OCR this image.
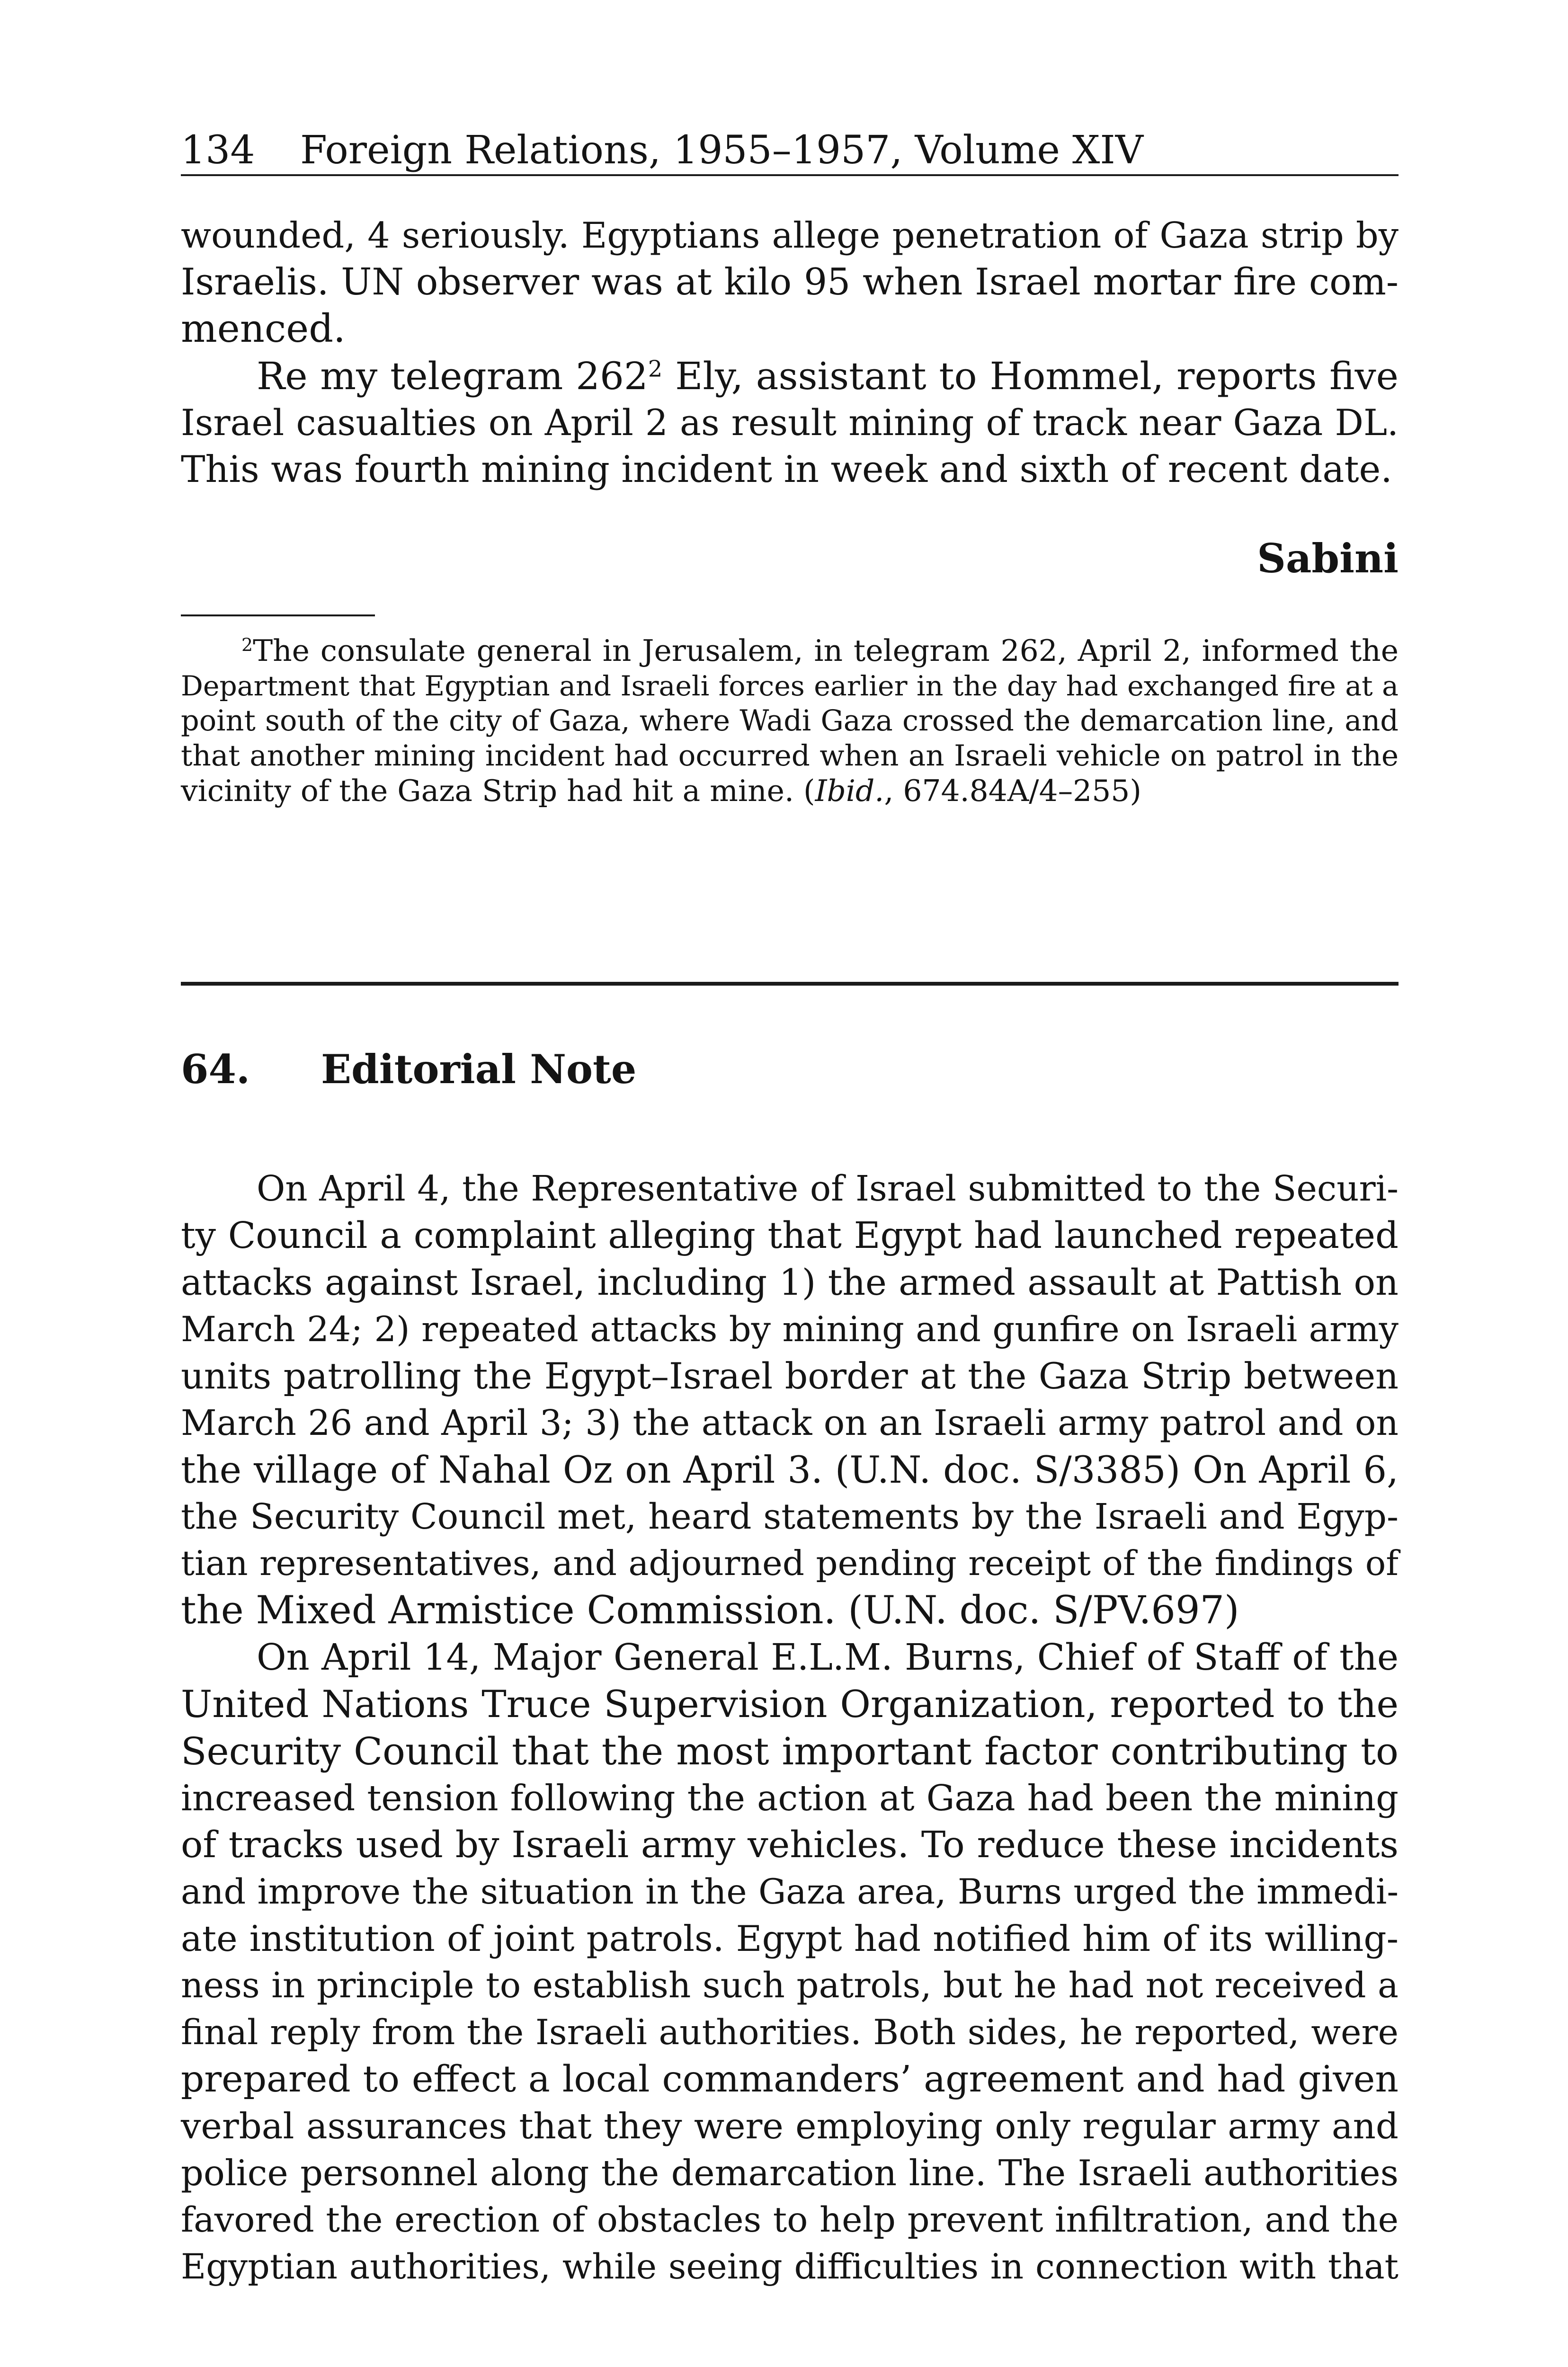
134 Foreign Relations, 1955–1957, Volume XIV
wounded, 4 seriously. Egyptians allege penetration of Gaza strip by
Israelis. UN observer was at kilo 95 when Israel mortar fire com-
menced.
Re my telegram $262^2$ Ely, assistant to Hommel, reports five
Israel casualties on April 2 as result mining of track near Gaza DL.
This was fourth mining incident in week and sixth of recent date.
Sabini
$^2$The consulate general in Jerusalem, in telegram 262, April 2, informed the
Department that Egyptian and Israeli forces earlier in the day had exchanged fire at a
point south of the city of Gaza, where Wadi Gaza crossed the demarcation line, and
that another mining incident had occurred when an Israeli vehicle on patrol in the
vicinity of the Gaza Strip had hit a mine. (Ibid., 674.84A/4–255)
64. Editorial Note
On April 4, the Representative of Israel submitted to the Securi-
ty Council a complaint alleging that Egypt had launched repeated
attacks against Israel, including 1) the armed assault at Pattish on
March 24; 2) repeated attacks by mining and gunfire on Israeli army
units patrolling the Egypt–Israel border at the Gaza Strip between
March 26 and April 3; 3) the attack on an Israeli army patrol and on
the village of Nahal Oz on April 3. (U.N. doc. S/3385) On April 6,
the Security Council met, heard statements by the Israeli and Egyp-
tian representatives, and adjourned pending receipt of the findings of
the Mixed Armistice Commission. (U.N. doc. S/PV.697)
On April 14, Major General E.L.M. Burns, Chief of Staff of the
United Nations Truce Supervision Organization, reported to the
Security Council that the most important factor contributing to
increased tension following the action at Gaza had been the mining
of tracks used by Israeli army vehicles. To reduce these incidents
and improve the situation in the Gaza area, Burns urged the immedi-
ate institution of joint patrols. Egypt had notified him of its willing-
ness in principle to establish such patrols, but he had not received a
final reply from the Israeli authorities. Both sides, he reported, were
prepared to effect a local commanders’ agreement and had given
verbal assurances that they were employing only regular army and
police personnel along the demarcation line. The Israeli authorities
favored the erection of obstacles to help prevent infiltration, and the
Egyptian authorities, while seeing difficulties in connection with that
